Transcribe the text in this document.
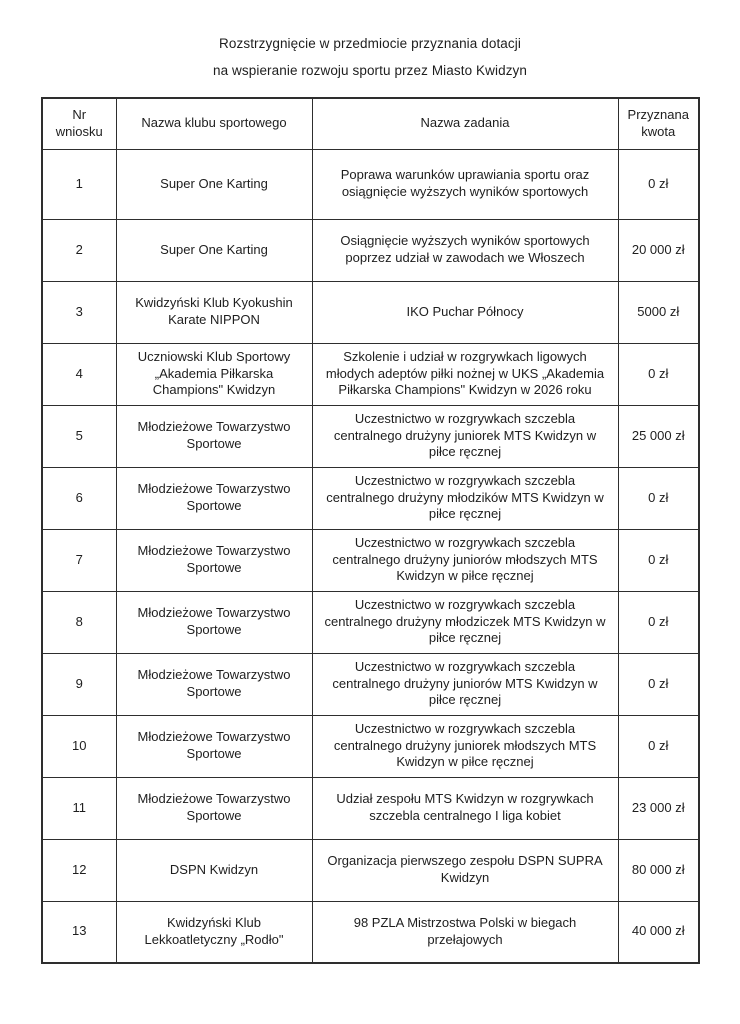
Rozstrzygnięcie w przedmiocie przyznania dotacji
na wspieranie rozwoju sportu przez Miasto Kwidzyn
Nr wniosku	Nazwa klubu sportowego	Nazwa zadania	Przyznana kwota
1	Super One Karting	Poprawa warunków uprawiania sportu oraz osiągnięcie wyższych wyników sportowych	0 zł
2	Super One Karting	Osiągnięcie wyższych wyników sportowych poprzez udział w zawodach we Włoszech	20 000 zł
3	Kwidzyński Klub Kyokushin Karate NIPPON	IKO Puchar Północy	5000 zł
4	Uczniowski Klub Sportowy „Akademia Piłkarska Champions" Kwidzyn	Szkolenie i udział w rozgrywkach ligowych młodych adeptów piłki nożnej w UKS „Akademia Piłkarska Champions" Kwidzyn w 2026 roku	0 zł
5	Młodzieżowe Towarzystwo Sportowe	Uczestnictwo w rozgrywkach szczebla centralnego drużyny juniorek MTS Kwidzyn w piłce ręcznej	25 000 zł
6	Młodzieżowe Towarzystwo Sportowe	Uczestnictwo w rozgrywkach szczebla centralnego drużyny młodzików MTS Kwidzyn w piłce ręcznej	0 zł
7	Młodzieżowe Towarzystwo Sportowe	Uczestnictwo w rozgrywkach szczebla centralnego drużyny juniorów młodszych MTS Kwidzyn w piłce ręcznej	0 zł
8	Młodzieżowe Towarzystwo Sportowe	Uczestnictwo w rozgrywkach szczebla centralnego drużyny młodziczek MTS Kwidzyn w piłce ręcznej	0 zł
9	Młodzieżowe Towarzystwo Sportowe	Uczestnictwo w rozgrywkach szczebla centralnego drużyny juniorów MTS Kwidzyn w piłce ręcznej	0 zł
10	Młodzieżowe Towarzystwo Sportowe	Uczestnictwo w rozgrywkach szczebla centralnego drużyny juniorek młodszych MTS Kwidzyn w piłce ręcznej	0 zł
11	Młodzieżowe Towarzystwo Sportowe	Udział zespołu MTS Kwidzyn w rozgrywkach szczebla centralnego I liga kobiet	23 000 zł
12	DSPN Kwidzyn	Organizacja pierwszego zespołu DSPN SUPRA Kwidzyn	80 000 zł
13	Kwidzyński Klub Lekkoatletyczny „Rodło"	98 PZLA Mistrzostwa Polski w biegach przełajowych	40 000 zł
